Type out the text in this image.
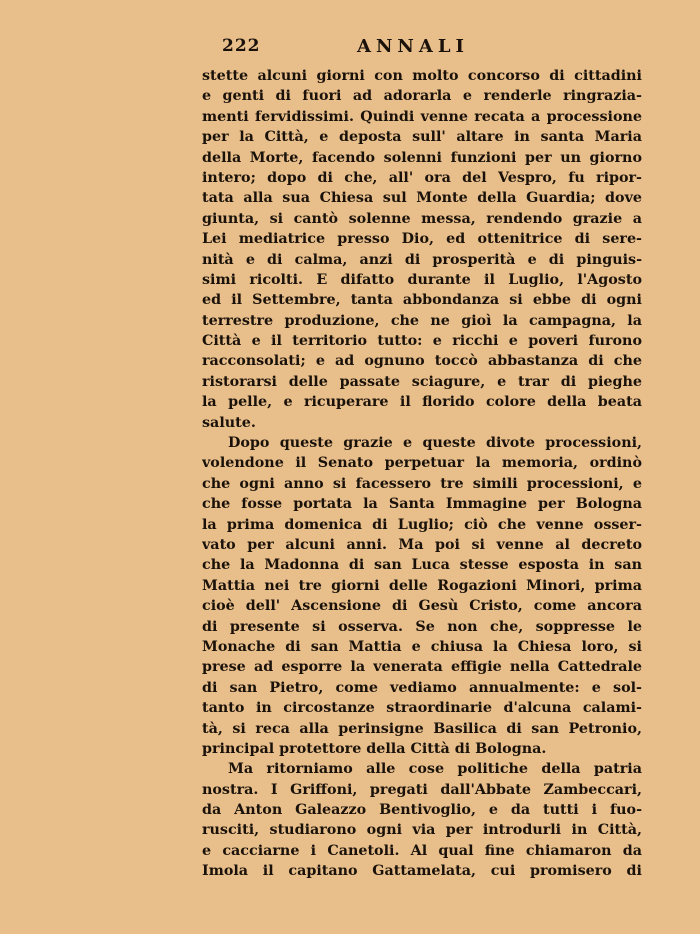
222	ANNALI
stette alcuni giorni con molto concorso di cittadini
e genti di fuori ad adorarla e renderle ringrazia-
menti fervidissimi. Quindi venne recata a processione
per la Città, e deposta sull' altare in santa Maria
della Morte, facendo solenni funzioni per un giorno
intero; dopo di che, all' ora del Vespro, fu ripor-
tata alla sua Chiesa sul Monte della Guardia; dove
giunta, si cantò solenne messa, rendendo grazie a
Lei mediatrice presso Dio, ed ottenitrice di sere-
nità e di calma, anzi di prosperità e di pinguis-
simi ricolti. E difatto durante il Luglio, l'Agosto
ed il Settembre, tanta abbondanza si ebbe di ogni
terrestre produzione, che ne gioì la campagna, la
Città e il territorio tutto: e ricchi e poveri furono
racconsolati; e ad ognuno toccò abbastanza di che
ristorarsi delle passate sciagure, e trar di pieghe
la pelle, e ricuperare il florido colore della beata
salute.
Dopo queste grazie e queste divote processioni,
volendone il Senato perpetuar la memoria, ordinò
che ogni anno si facessero tre simili processioni, e
che fosse portata la Santa Immagine per Bologna
la prima domenica di Luglio; ciò che venne osser-
vato per alcuni anni. Ma poi si venne al decreto
che la Madonna di san Luca stesse esposta in san
Mattia nei tre giorni delle Rogazioni Minori, prima
cioè dell' Ascensione di Gesù Cristo, come ancora
di presente si osserva. Se non che, soppresse le
Monache di san Mattia e chiusa la Chiesa loro, si
prese ad esporre la venerata effigie nella Cattedrale
di san Pietro, come vediamo annualmente: e sol-
tanto in circostanze straordinarie d'alcuna calami-
tà, si reca alla perinsigne Basilica di san Petronio,
principal protettore della Città di Bologna.
Ma ritorniamo alle cose politiche della patria
nostra. I Griffoni, pregati dall'Abbate Zambeccari,
da Anton Galeazzo Bentivoglio, e da tutti i fuo-
rusciti, studiarono ogni via per introdurli in Città,
e cacciarne i Canetoli. Al qual fine chiamaron da
Imola il capitano Gattamelata, cui promisero di
